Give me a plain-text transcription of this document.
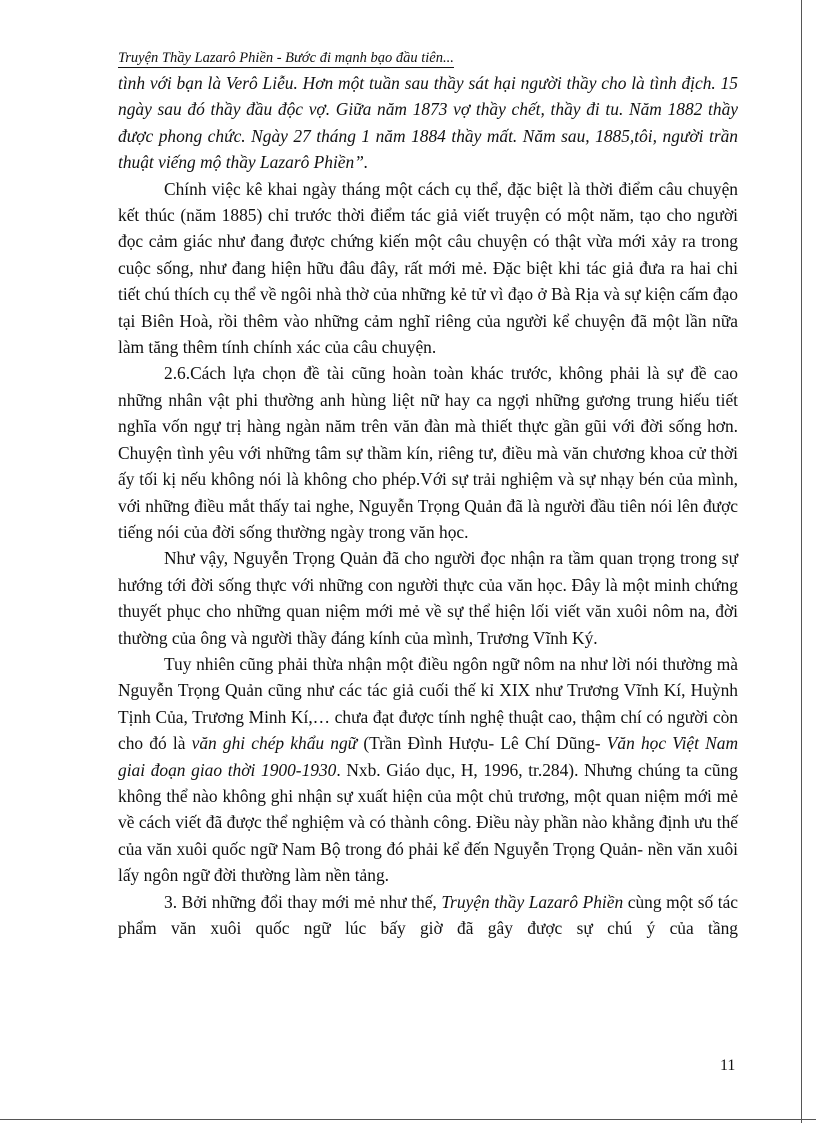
Truyện Thầy Lazarô Phiền - Bước đi mạnh bạo đầu tiên...

tình với bạn là Verô Liễu. Hơn một tuần sau thầy sát hại người thầy cho là tình địch. 15 ngày sau đó thầy đầu độc vợ. Giữa năm 1873 vợ thầy chết, thầy đi tu. Năm 1882 thầy được phong chức. Ngày 27 tháng 1 năm 1884 thầy mất. Năm sau, 1885,tôi, người trần thuật viếng mộ thầy Lazarô Phiền”.

Chính việc kê khai ngày tháng một cách cụ thể, đặc biệt là thời điểm câu chuyện kết thúc (năm 1885) chỉ trước thời điểm tác giả viết truyện có một năm, tạo cho người đọc cảm giác như đang được chứng kiến một câu chuyện có thật vừa mới xảy ra trong cuộc sống, như đang hiện hữu đâu đây, rất mới mẻ. Đặc biệt khi tác giả đưa ra hai chi tiết chú thích cụ thể về ngôi nhà thờ của những kẻ tử vì đạo ở Bà Rịa và sự kiện cấm đạo tại Biên Hoà, rồi thêm vào những cảm nghĩ riêng của người kể chuyện đã một lần nữa làm tăng thêm tính chính xác của câu chuyện.

2.6.Cách lựa chọn đề tài cũng hoàn toàn khác trước, không phải là sự đề cao những nhân vật phi thường anh hùng liệt nữ hay ca ngợi những gương trung hiếu tiết nghĩa vốn ngự trị hàng ngàn năm trên văn đàn mà thiết thực gần gũi với đời sống hơn. Chuyện tình yêu với những tâm sự thầm kín, riêng tư, điều mà văn chương khoa cử thời ấy tối kị nếu không nói là không cho phép.Với sự trải nghiệm và sự nhạy bén của mình, với những điều mắt thấy tai nghe, Nguyễn Trọng Quản đã là người đầu tiên nói lên được tiếng nói của đời sống thường ngày trong văn học.

Như vậy, Nguyễn Trọng Quản đã cho người đọc nhận ra tầm quan trọng trong sự hướng tới đời sống thực với những con người thực của văn học. Đây là một minh chứng thuyết phục cho những quan niệm mới mẻ về sự thể hiện lối viết văn xuôi nôm na, đời thường của ông và người thầy đáng kính của mình, Trương Vĩnh Ký.

Tuy nhiên cũng phải thừa nhận một điều ngôn ngữ nôm na như lời nói thường mà Nguyễn Trọng Quản cũng như các tác giả cuối thế kỉ XIX như Trương Vĩnh Kí, Huỳnh Tịnh Của, Trương Minh Kí,… chưa đạt được tính nghệ thuật cao, thậm chí có người còn cho đó là văn ghi chép khẩu ngữ (Trần Đình Hượu- Lê Chí Dũng- Văn học Việt Nam giai đoạn giao thời 1900-1930. Nxb. Giáo dục, H, 1996, tr.284). Nhưng chúng ta cũng không thể nào không ghi nhận sự xuất hiện của một chủ trương, một quan niệm mới mẻ về cách viết đã được thể nghiệm và có thành công. Điều này phần nào khẳng định ưu thế của văn xuôi quốc ngữ Nam Bộ trong đó phải kể đến Nguyễn Trọng Quản- nền văn xuôi lấy ngôn ngữ đời thường làm nền tảng.

3. Bởi những đổi thay mới mẻ như thế, Truyện thầy Lazarô Phiền cùng một số tác phẩm văn xuôi quốc ngữ lúc bấy giờ đã gây được sự chú ý của tầng

11
